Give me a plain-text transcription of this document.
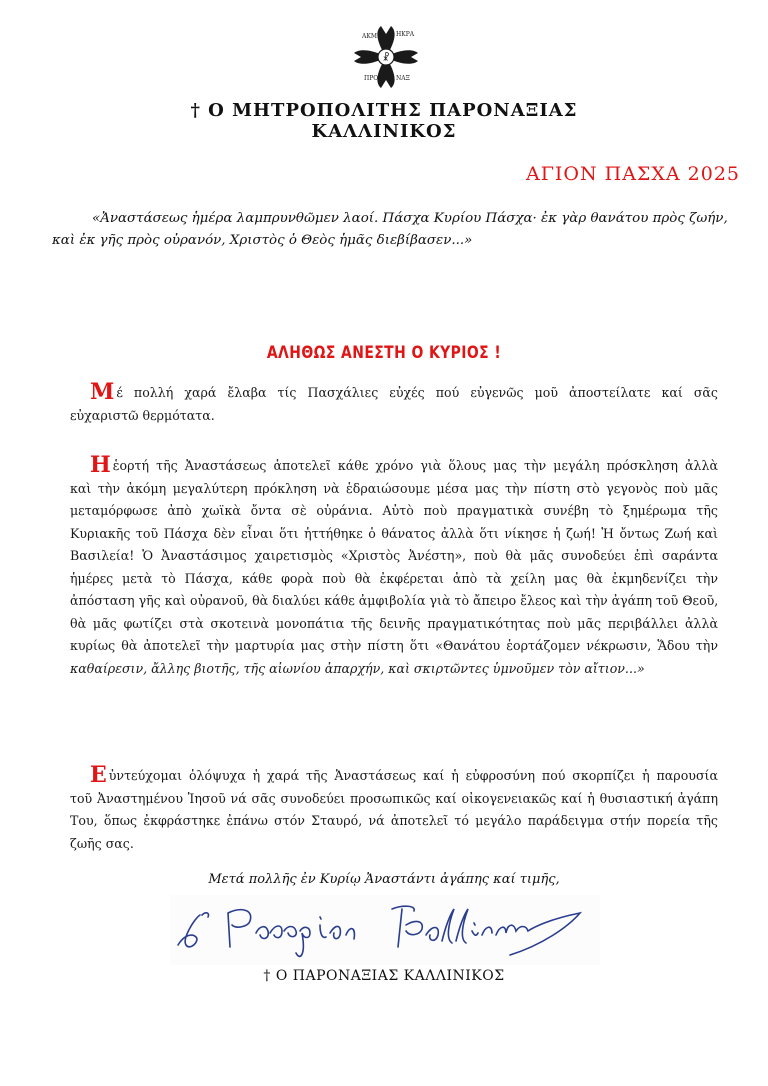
☧
ΑΚΜ	ΗΚΡΑ
ΠΡΟ	ΝΑΞ
† Ο ΜΗΤΡΟΠΟΛΙΤΗΣ ΠΑΡΟΝΑΞΙΑΣ
ΚΑΛΛΙΝΙΚΟΣ
ΑΓΙΟΝ ΠΑΣΧΑ 2025
«Ἀναστάσεως ἡμέρα λαμπρυνθῶμεν λαοί. Πάσχα Κυρίου Πάσχα· ἐκ γὰρ θανάτου πρὸς ζωήν,
καὶ ἐκ γῆς πρὸς οὐρανόν, Χριστὸς ὁ Θεὸς ἡμᾶς διεβίβασεν...»
ΑΛΗΘΩΣ ΑΝΕΣΤΗ Ο ΚΥΡΙΟΣ !
Μέ πολλή χαρά ἔλαβα τίς Πασχάλιες εὐχές πού εὐγενῶς μοῦ ἀποστείλατε καί σᾶς
εὐχαριστῶ θερμότατα.
Ηἑορτή τῆς Ἀναστάσεως ἀποτελεῖ κάθε χρόνο γιὰ ὅλους μας τὴν μεγάλη πρόσκληση ἀλλὰ
καὶ τὴν ἀκόμη μεγαλύτερη πρόκληση νὰ ἑδραιώσουμε μέσα μας τὴν πίστη στὸ γεγονὸς ποὺ μᾶς
μεταμόρφωσε ἀπὸ χωϊκὰ ὄντα σὲ οὐράνια. Αὐτὸ ποὺ πραγματικὰ συνέβη τὸ ξημέρωμα τῆς
Κυριακῆς τοῦ Πάσχα δὲν εἶναι ὅτι ἡττήθηκε ὁ θάνατος ἀλλὰ ὅτι νίκησε ἡ ζωή! Ἡ ὄντως Ζωή καὶ
Βασιλεία! Ὁ Ἀναστάσιμος χαιρετισμὸς «Χριστὸς Ἀνέστη», ποὺ θὰ μᾶς συνοδεύει ἐπὶ σαράντα
ἡμέρες μετὰ τὸ Πάσχα, κάθε φορὰ ποὺ θὰ ἐκφέρεται ἀπὸ τὰ χείλη μας θὰ ἐκμηδενίζει τὴν
ἀπόσταση γῆς καὶ οὐρανοῦ, θὰ διαλύει κάθε ἀμφιβολία γιὰ τὸ ἄπειρο ἔλεος καὶ τὴν ἀγάπη τοῦ Θεοῦ,
θὰ μᾶς φωτίζει στὰ σκοτεινὰ μονοπάτια τῆς δεινῆς πραγματικότητας ποὺ μᾶς περιβάλλει ἀλλὰ
κυρίως θὰ ἀποτελεῖ τὴν μαρτυρία μας στὴν πίστη ὅτι «Θανάτου ἑορτάζομεν νέκρωσιν, Ἅδου τὴν
καθαίρεσιν, ἄλλης βιοτῆς, τῆς αἰωνίου ἀπαρχήν, καὶ σκιρτῶντες ὑμνοῦμεν τὸν αἴτιον...»
Εὐντεύχομαι ὁλόψυχα ἡ χαρά τῆς Ἀναστάσεως καί ἡ εὐφροσύνη πού σκορπίζει ἡ παρουσία
τοῦ Ἀναστημένου Ἰησοῦ νά σᾶς συνοδεύει προσωπικῶς καί οἰκογενειακῶς καί ἡ θυσιαστική ἀγάπη
Του, ὅπως ἐκφράστηκε ἐπάνω στόν Σταυρό, νά ἀποτελεῖ τό μεγάλο παράδειγμα στήν πορεία τῆς
ζωῆς σας.
Μετά πολλῆς ἐν Κυρίῳ Ἀναστάντι ἀγάπης καί τιμῆς,
† Ο ΠΑΡΟΝΑΞΙΑΣ ΚΑΛΛΙΝΙΚΟΣ
